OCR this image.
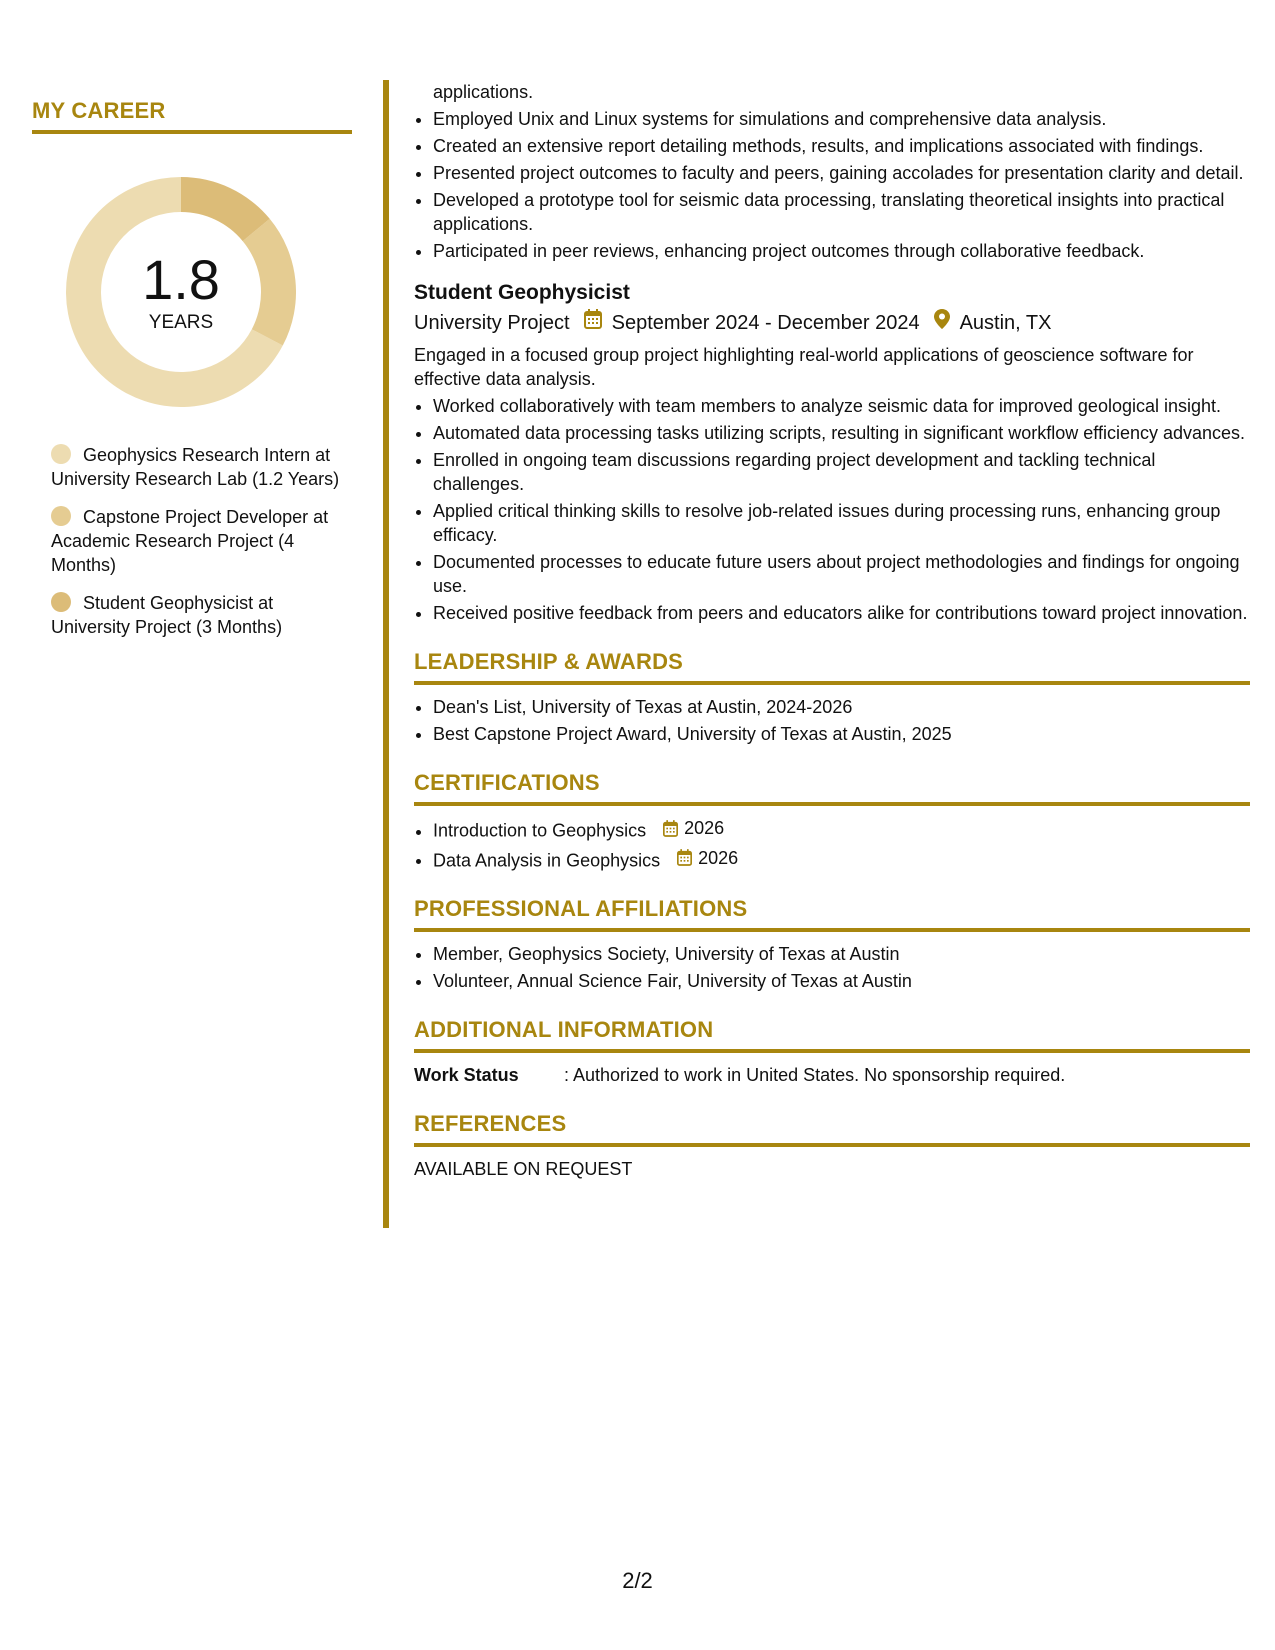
MY CAREER
1.8
YEARS
Geophysics Research Intern at University Research Lab (1.2 Years)
Capstone Project Developer at Academic Research Project (4 Months)
Student Geophysicist at University Project (3 Months)
applications.
• Employed Unix and Linux systems for simulations and comprehensive data analysis.
• Created an extensive report detailing methods, results, and implications associated with findings.
• Presented project outcomes to faculty and peers, gaining accolades for presentation clarity and detail.
• Developed a prototype tool for seismic data processing, translating theoretical insights into practical applications.
• Participated in peer reviews, enhancing project outcomes through collaborative feedback.
Student Geophysicist
University Project September 2024 - December 2024 Austin, TX
Engaged in a focused group project highlighting real-world applications of geoscience software for effective data analysis.
• Worked collaboratively with team members to analyze seismic data for improved geological insight.
• Automated data processing tasks utilizing scripts, resulting in significant workflow efficiency advances.
• Enrolled in ongoing team discussions regarding project development and tackling technical challenges.
• Applied critical thinking skills to resolve job-related issues during processing runs, enhancing group efficacy.
• Documented processes to educate future users about project methodologies and findings for ongoing use.
• Received positive feedback from peers and educators alike for contributions toward project innovation.
LEADERSHIP & AWARDS
• Dean's List, University of Texas at Austin, 2024-2026
• Best Capstone Project Award, University of Texas at Austin, 2025
CERTIFICATIONS
• Introduction to Geophysics 2026
• Data Analysis in Geophysics 2026
PROFESSIONAL AFFILIATIONS
• Member, Geophysics Society, University of Texas at Austin
• Volunteer, Annual Science Fair, University of Texas at Austin
ADDITIONAL INFORMATION
Work Status	: Authorized to work in United States. No sponsorship required.
REFERENCES
AVAILABLE ON REQUEST
2/2
